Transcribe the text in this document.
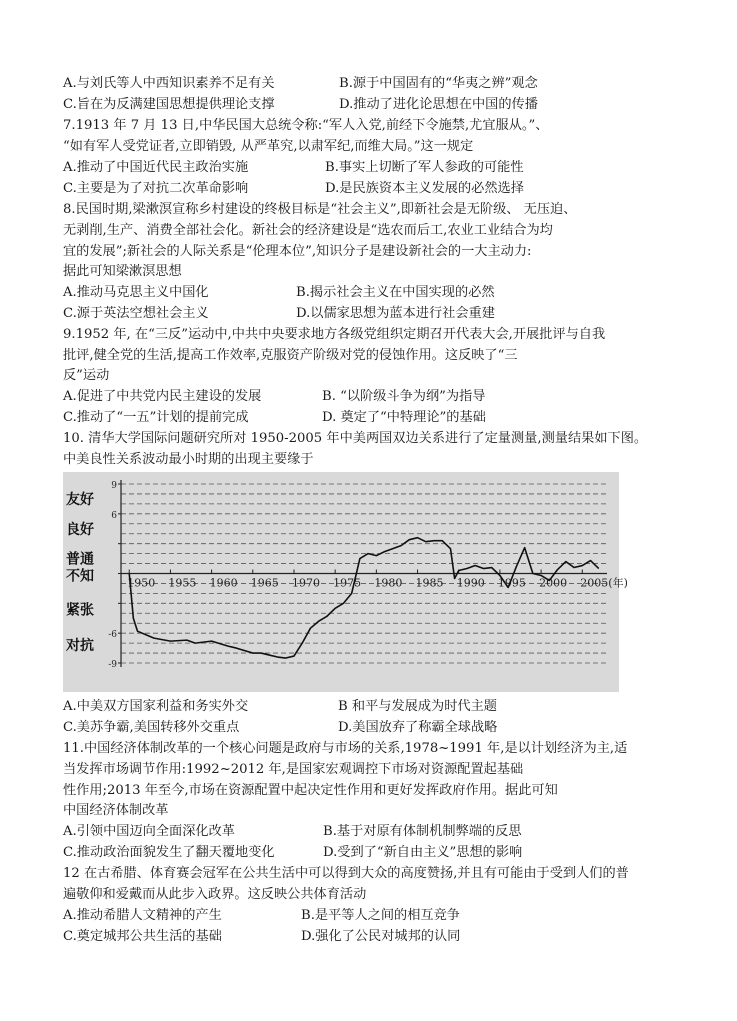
A.与刘氏等人中西知识素养不足有关	B.源于中国固有的“华夷之辨”观念
C.旨在为反满建国思想提供理论支撑	D.推动了进化论思想在中国的传播
7.1913 年 7 月 13 日,中华民国大总统令称:“军人入党,前经下令施禁,尤宜服从。”、
“如有军人受党证者,立即销毁, 从严革究,以肃军纪,而维大局。”这一规定
A.推动了中国近代民主政治实施	B.事实上切断了军人参政的可能性
C.主要是为了对抗二次革命影响	D.是民族资本主义发展的必然选择
8.民国时期,梁漱溟宣称乡村建设的终极目标是“社会主义”,即新社会是无阶级、 无压迫、
无剥削,生产、消费全部社会化。新社会的经济建设是“选农而后工,农业工业结合为均
宜的发展”;新社会的人际关系是“伦理本位”,知识分子是建设新社会的一大主动力:
据此可知梁漱溟思想
A.推动马克思主义中国化	B.揭示社会主义在中国实现的必然
C.源于英法空想社会主义	D.以儒家思想为蓝本进行社会重建
9.1952 年, 在“三反”运动中,中共中央要求地方各级党组织定期召开代表大会,开展批评与自我
批评,健全党的生活,提高工作效率,克服资产阶级对党的侵蚀作用。这反映了“三
反”运动
A.促进了中共党内民主建设的发展	B. “以阶级斗争为纲”为指导
C.推动了“一五”计划的提前完成	D. 奠定了“中特理论”的基础
10. 清华大学国际问题研究所对 1950-2005 年中美两国双边关系进行了定量测量,测量结果如下图。
中美良性关系波动最小时期的出现主要缘于
9
6
-6
-9
友好
良好
普通
不知
紧张
对抗
1950 1955 1960 1965 1970 1975 1980 1985 1990 1995 2000 2005(年)
A.中美双方国家利益和务实外交	B 和平与发展成为时代主题
C.美苏争霸,美国转移外交重点	D.美国放弃了称霸全球战略
11.中国经济体制改革的一个核心问题是政府与市场的关系,1978~1991 年,是以计划经济为主,适
当发挥市场调节作用:1992~2012 年,是国家宏观调控下市场对资源配置起基础
性作用;2013 年至今,市场在资源配置中起决定性作用和更好发挥政府作用。据此可知
中国经济体制改革
A.引领中国迈向全面深化改革	B.基于对原有体制机制弊端的反思
C.推动政治面貌发生了翻天覆地变化	D.受到了“新自由主义”思想的影响
12 在古希腊、体育赛会冠军在公共生活中可以得到大众的高度赞扬,并且有可能由于受到人们的普
遍敬仰和爱戴而从此步入政界。这反映公共体育活动
A.推动希腊人文精神的产生	B.是平等人之间的相互竞争
C.奠定城邦公共生活的基础	D.强化了公民对城邦的认同
